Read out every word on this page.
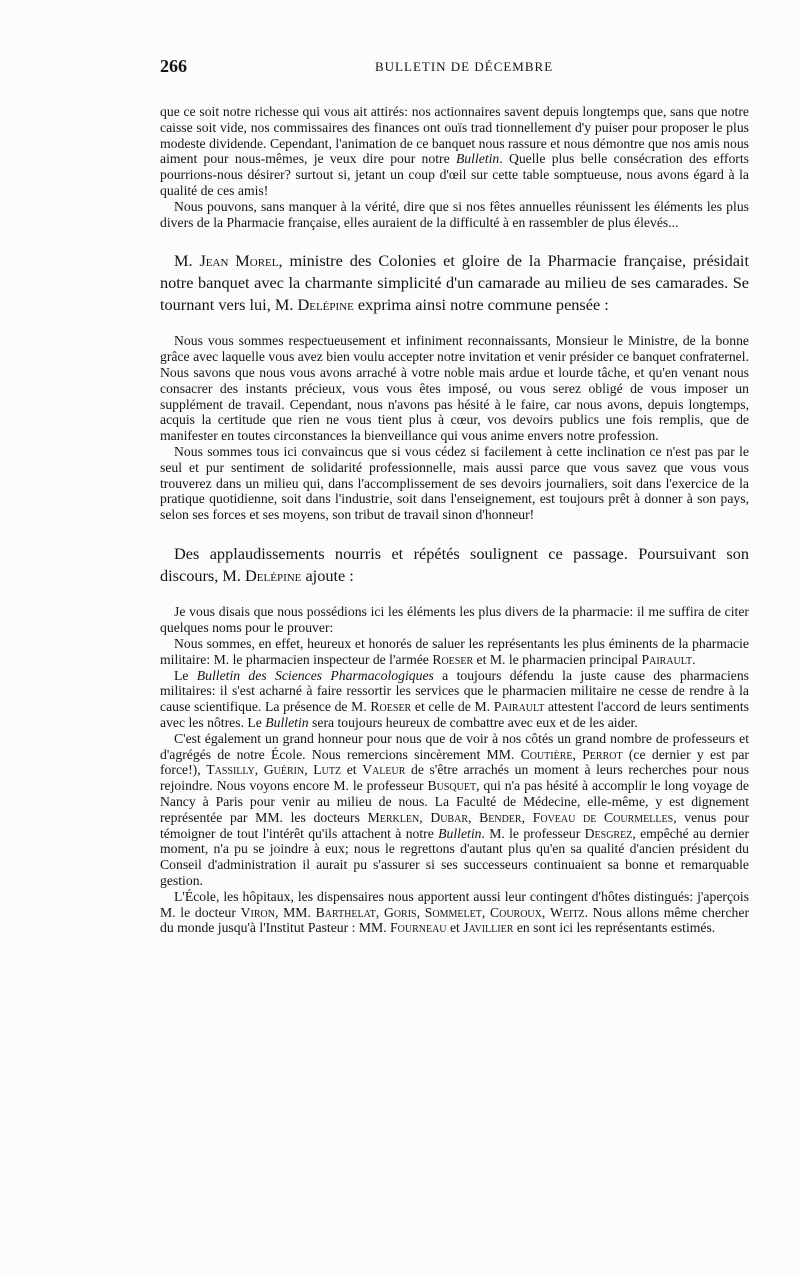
266	BULLETIN DE DÉCEMBRE

que ce soit notre richesse qui vous ait attirés: nos actionnaires savent depuis longtemps que, sans que notre caisse soit vide, nos commissaires des finances ont ouïs trad tionnellement d'y puiser pour proposer le plus modeste dividende. Cependant, l'animation de ce banquet nous rassure et nous démontre que nos amis nous aiment pour nous-mêmes, je veux dire pour notre Bulletin. Quelle plus belle consécration des efforts pourrions-nous désirer? surtout si, jetant un coup d'œil sur cette table somptueuse, nous avons égard à la qualité de ces amis!

Nous pouvons, sans manquer à la vérité, dire que si nos fêtes annuelles réunissent les éléments les plus divers de la Pharmacie française, elles auraient de la difficulté à en rassembler de plus élevés...

M. Jean Morel, ministre des Colonies et gloire de la Pharmacie française, présidait notre banquet avec la charmante simplicité d'un camarade au milieu de ses camarades. Se tournant vers lui, M. Delépine exprima ainsi notre commune pensée :

Nous vous sommes respectueusement et infiniment reconnaissants, Monsieur le Ministre, de la bonne grâce avec laquelle vous avez bien voulu accepter notre invitation et venir présider ce banquet confraternel. Nous savons que nous vous avons arraché à votre noble mais ardue et lourde tâche, et qu'en venant nous consacrer des instants précieux, vous vous êtes imposé, ou vous serez obligé de vous imposer un supplément de travail. Cependant, nous n'avons pas hésité à le faire, car nous avons, depuis longtemps, acquis la certitude que rien ne vous tient plus à cœur, vos devoirs publics une fois remplis, que de manifester en toutes circonstances la bienveillance qui vous anime envers notre profession.

Nous sommes tous ici convaincus que si vous cédez si facilement à cette inclination ce n'est pas par le seul et pur sentiment de solidarité professionnelle, mais aussi parce que vous savez que vous vous trouverez dans un milieu qui, dans l'accomplissement de ses devoirs journaliers, soit dans l'exercice de la pratique quotidienne, soit dans l'industrie, soit dans l'enseignement, est toujours prêt à donner à son pays, selon ses forces et ses moyens, son tribut de travail sinon d'honneur!

Des applaudissements nourris et répétés soulignent ce passage. Poursuivant son discours, M. Delépine ajoute :

Je vous disais que nous possédions ici les éléments les plus divers de la pharmacie: il me suffira de citer quelques noms pour le prouver:

Nous sommes, en effet, heureux et honorés de saluer les représentants les plus éminents de la pharmacie militaire: M. le pharmacien inspecteur de l'armée Roeser et M. le pharmacien principal Pairault.

Le Bulletin des Sciences Pharmacologiques a toujours défendu la juste cause des pharmaciens militaires: il s'est acharné à faire ressortir les services que le pharmacien militaire ne cesse de rendre à la cause scientifique. La présence de M. Roeser et celle de M. Pairault attestent l'accord de leurs sentiments avec les nôtres. Le Bulletin sera toujours heureux de combattre avec eux et de les aider.

C'est également un grand honneur pour nous que de voir à nos côtés un grand nombre de professeurs et d'agrégés de notre École. Nous remercions sincèrement MM. Coutière, Perrot (ce dernier y est par force!), Tassilly, Guérin, Lutz et Valeur de s'être arrachés un moment à leurs recherches pour nous rejoindre. Nous voyons encore M. le professeur Busquet, qui n'a pas hésité à accomplir le long voyage de Nancy à Paris pour venir au milieu de nous. La Faculté de Médecine, elle-même, y est dignement représentée par MM. les docteurs Merklen, Dubar, Bender, Foveau de Courmelles, venus pour témoigner de tout l'intérêt qu'ils attachent à notre Bulletin. M. le professeur Desgrez, empêché au dernier moment, n'a pu se joindre à eux; nous le regrettons d'autant plus qu'en sa qualité d'ancien président du Conseil d'administration il aurait pu s'assurer si ses successeurs continuaient sa bonne et remarquable gestion.

L'École, les hôpitaux, les dispensaires nous apportent aussi leur contingent d'hôtes distingués: j'aperçois M. le docteur Viron, MM. Barthelat, Goris, Sommelet, Couroux, Weitz. Nous allons même chercher du monde jusqu'à l'Institut Pasteur : MM. Fourneau et Javillier en sont ici les représentants estimés.
